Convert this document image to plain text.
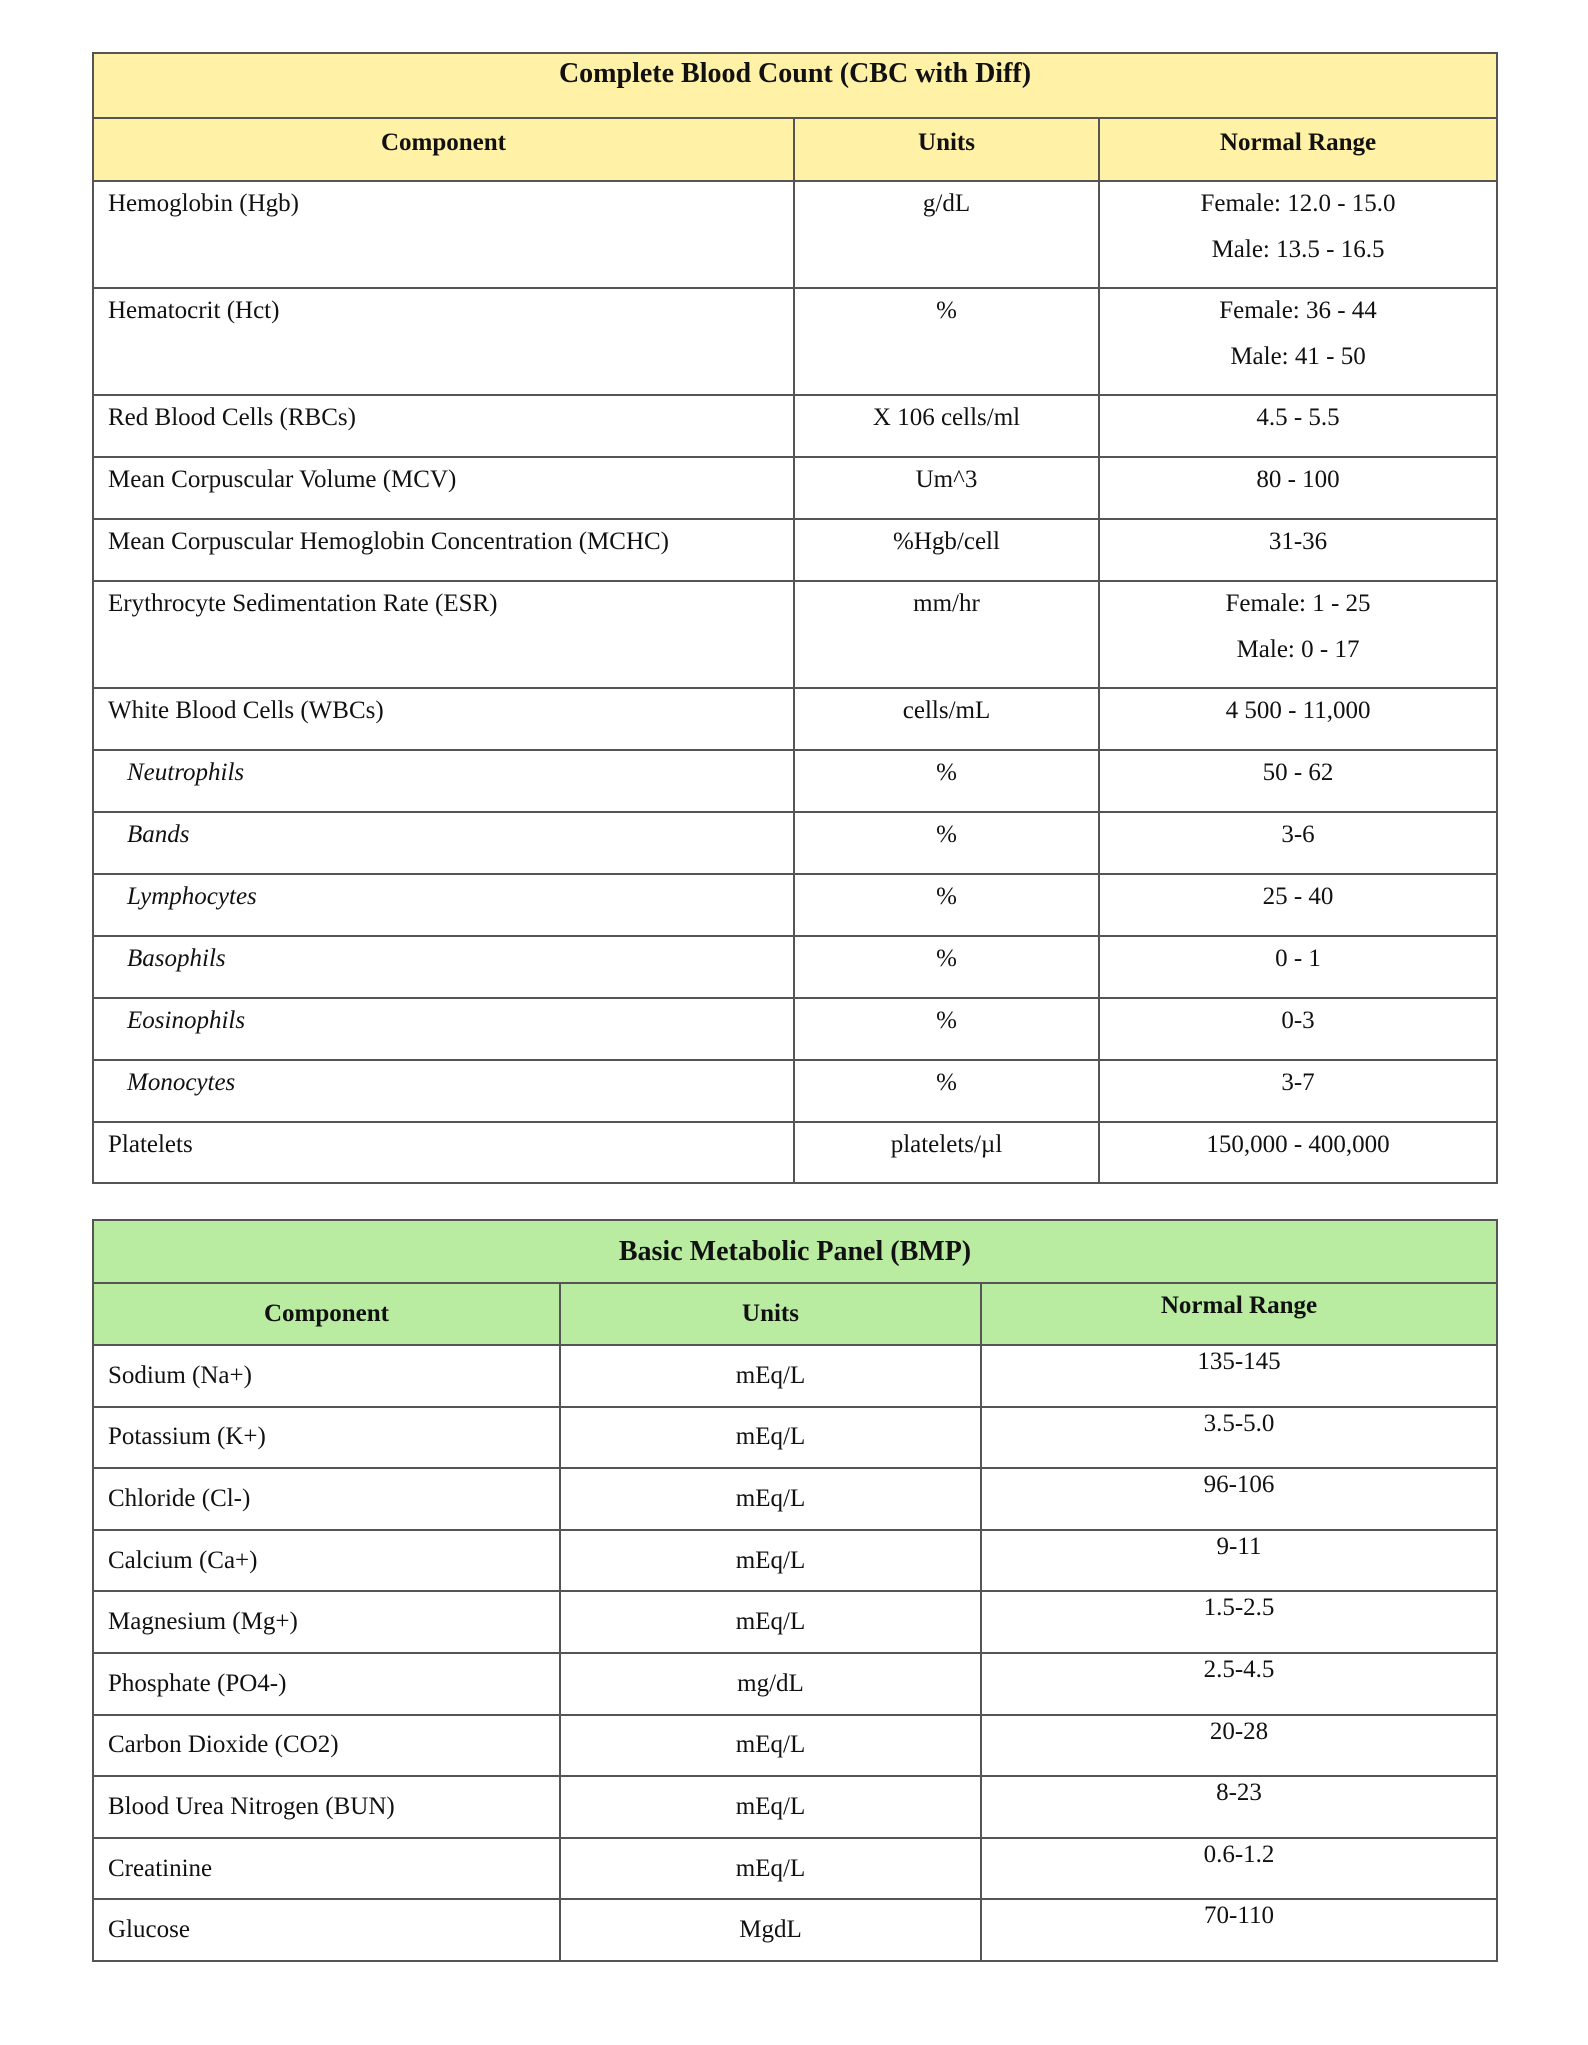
Complete Blood Count (CBC with Diff)		
Component	Units	Normal Range
Hemoglobin (Hgb)	g/dL	Female: 12.0 - 15.0
Male: 13.5 - 16.5

Hematocrit (Hct)	%	Female: 36 - 44
Male: 41 - 50

Red Blood Cells (RBCs)	X 106 cells/ml	4.5 - 5.5

Mean Corpuscular Volume (MCV)	Um^3	80 - 100

Mean Corpuscular Hemoglobin Concentration (MCHC)	%Hgb/cell	31-36

Erythrocyte Sedimentation Rate (ESR)	mm/hr	Female: 1 - 25
Male: 0 - 17

White Blood Cells (WBCs)	cells/mL	4 500 - 11,000

Neutrophils	%	50 - 62

Bands	%	3-6

Lymphocytes	%	25 - 40

Basophils	%	0 - 1

Eosinophils	%	0-3

Monocytes	%	3-7

Platelets	platelets/µl	150,000 - 400,000
Basic Metabolic Panel (BMP)		
Component	Units	Normal Range
Sodium (Na+)	mEq/L	135-145

Potassium (K+)	mEq/L	3.5-5.0

Chloride (Cl-)	mEq/L	96-106

Calcium (Ca+)	mEq/L	9-11

Magnesium (Mg+)	mEq/L	1.5-2.5

Phosphate (PO4-)	mg/dL	2.5-4.5

Carbon Dioxide (CO2)	mEq/L	20-28

Blood Urea Nitrogen (BUN)	mEq/L	8-23

Creatinine	mEq/L	0.6-1.2

Glucose	MgdL	70-110
